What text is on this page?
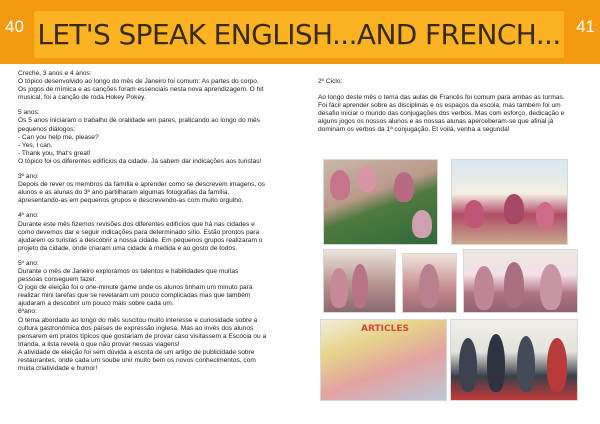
40	41
LET'S SPEAK ENGLISH...AND FRENCH...
Creche, 3 anos e 4 anos:
O tópico desenvolvido ao longo do mês de Janeiro foi comum: As partes do corpo.
Os jogos de mímica e as canções foram essenciais nesta nova aprendizagem. O hit
musical, foi a canção de roda Hokey Pokey.
5 anos:
Os 5 anos iniciaram o trabalho de oralidade em pares, praticando ao longo do mês
pequenos diálogos:
- Can you help me, please?
- Yes, I can.
- Thank you, that's great!
O tópico foi os diferentes edifícios da cidade. Já sabem dar indicações aos turistas!
3º ano:
Depois de rever os membros da família e aprender como se descrevem imagens, os
alunos e as alunas do 3º ano partilharam algumas fotografias da família,
apresentando-as em pequenos grupos e descrevendo-as com muito orgulho.
4º ano:
Durante este mês fizemos revisões dos diferentes edifícios que há nas cidades e
como devemos dar e seguir indicações para determinado sítio. Estão prontos para
ajudarem os turistas a descobrir a nossa cidade. Em pequenos grupos realizaram o
projeto da cidade, onde criaram uma cidade à medida e ao gosto de todos.
5º ano:
Durante o mês de Janeiro explorámos os talentos e habilidades que muitas
pessoas conseguem fazer.
O jogo de eleição foi o one-minute game onde os alunos tinham um minuto para
realizar mini tarefas que se revelaram um pouco complicadas mas que também
ajudaram a descobrir um pouco mais sobre cada um.
6ºano:
O tema abordado ao longo do mês suscitou muito interesse e curiosidade sobre a
cultura gastronómica dos países de expressão inglesa. Mas ao invés dos alunos
pensarem em pratos típicos que gostariam de provar caso visitassem a Escócia ou a
Irlanda, a lista revela o que não provar nessas viagens!
A atividade de eleição foi sem dúvida a escrita de um artigo de publicidade sobre
restaurantes, onde cada um soube unir muito bem os novos conhecimentos, com
muita criatividade e humor!
2º Ciclo:
Ao longo deste mês o tema das aulas de Francês foi comum para ambas as turmas.
Foi fácil aprender sobre as disciplinas e os espaços da escola, mas também foi um
desafio iniciar o mundo das conjugações dos verbos. Mas com esforço, dedicação e
alguns jogos os nossos alunos e as nossas alunas aperceberam-se que afinal já
dominam os verbos da 1ª conjugação. Et voilà, venha a segunda!
ARTICLES
